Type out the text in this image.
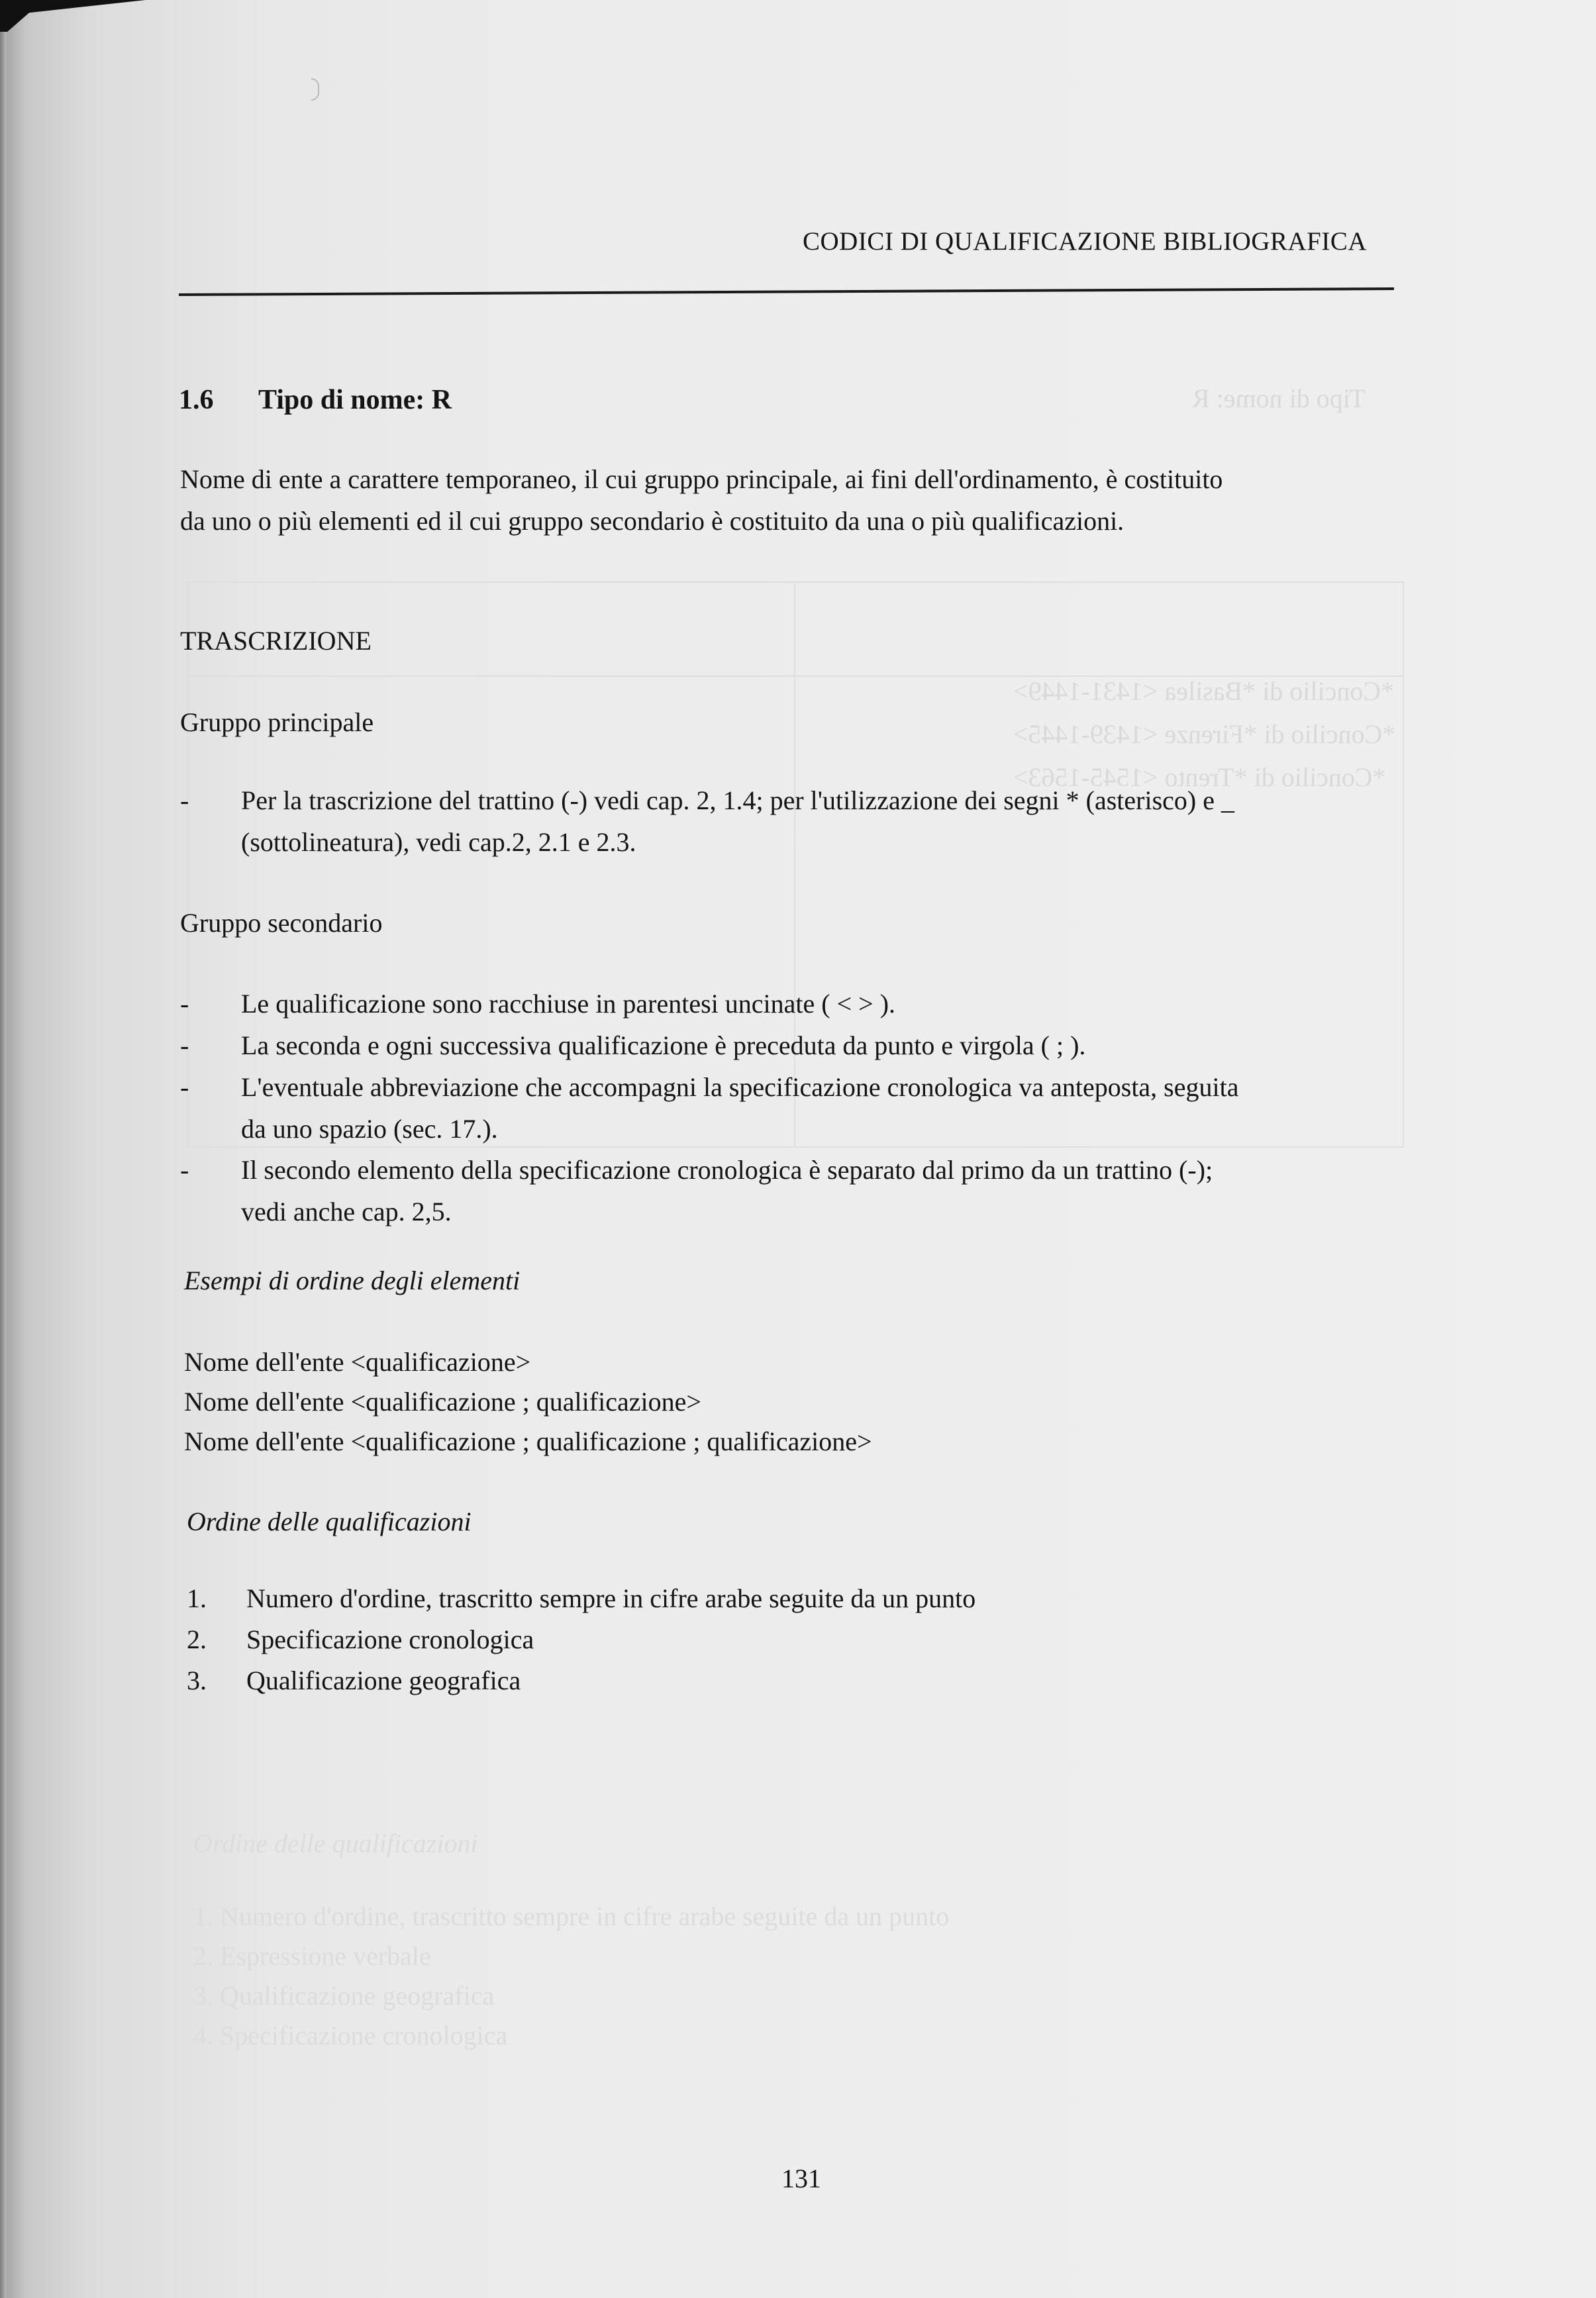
Tipo di nome: R
*Concilio di *Basilea <1431-1449>
*Concilio di *Firenze <1439-1445>
*Concilio di *Trento <1545-1563>
Ordine delle qualificazioni
1. Numero d'ordine, trascritto sempre in cifre arabe seguite da un punto
2. Espressione verbale
3. Qualificazione geografica
4. Specificazione cronologica
CODICI DI QUALIFICAZIONE BIBLIOGRAFICA
1.6 Tipo di nome: R
Nome di ente a carattere temporaneo, il cui gruppo principale, ai fini dell'ordinamento, è costituito
da uno o più elementi ed il cui gruppo secondario è costituito da una o più qualificazioni.
TRASCRIZIONE
Gruppo principale
-	Per la trascrizione del trattino (-) vedi cap. 2, 1.4; per l'utilizzazione dei segni * (asterisco) e _
(sottolineatura), vedi cap.2, 2.1 e 2.3.
Gruppo secondario
-	Le qualificazione sono racchiuse in parentesi uncinate ( < > ).
-	La seconda e ogni successiva qualificazione è preceduta da punto e virgola ( ; ).
-	L'eventuale abbreviazione che accompagni la specificazione cronologica va anteposta, seguita
da uno spazio (sec. 17.).
-	Il secondo elemento della specificazione cronologica è separato dal primo da un trattino (-);
vedi anche cap. 2,5.
Esempi di ordine degli elementi
Nome dell'ente <qualificazione>
Nome dell'ente <qualificazione ; qualificazione>
Nome dell'ente <qualificazione ; qualificazione ; qualificazione>
Ordine delle qualificazioni
1. Numero d'ordine, trascritto sempre in cifre arabe seguite da un punto
2. Specificazione cronologica
3. Qualificazione geografica
131
